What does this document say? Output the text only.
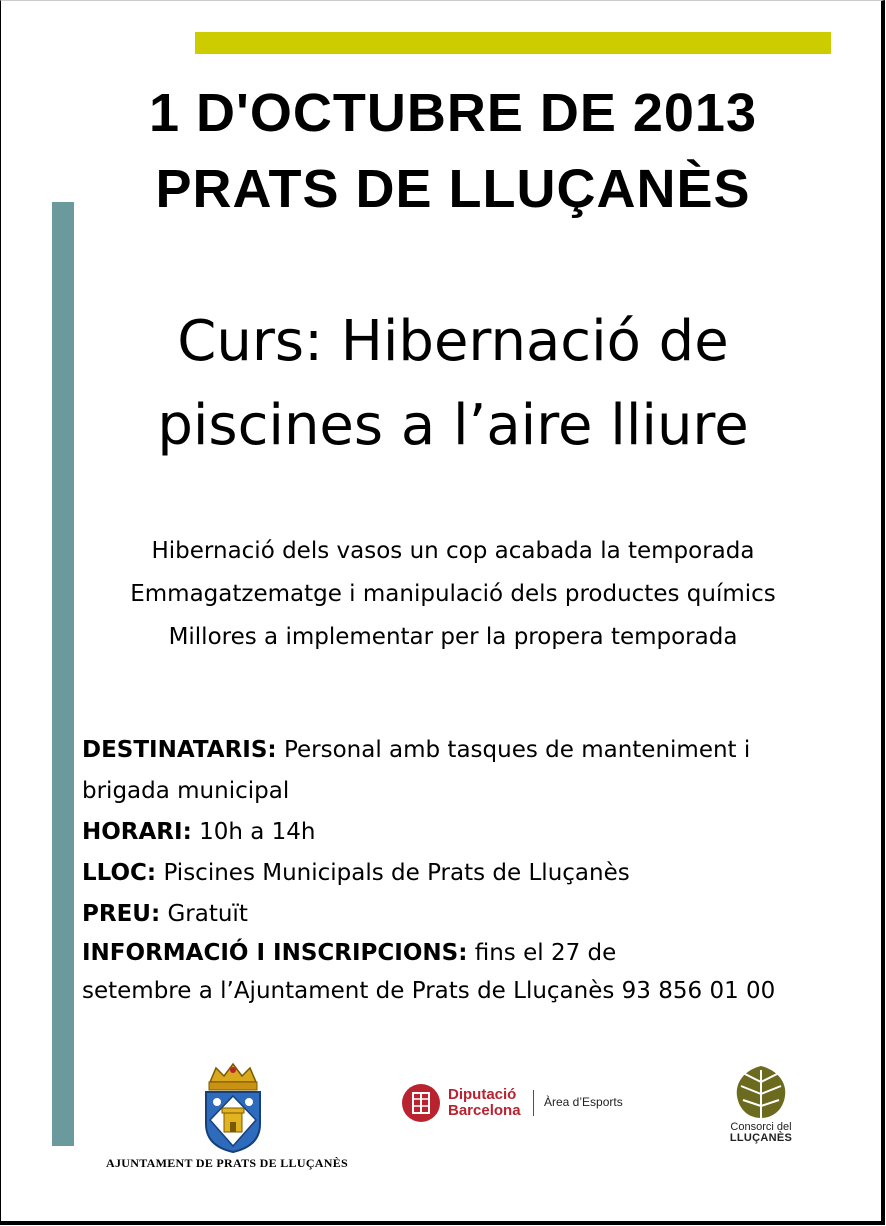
1 D'OCTUBRE DE 2013
PRATS DE LLUÇANÈS
Curs: Hibernació de
piscines a l’aire lliure
Hibernació dels vasos un cop acabada la temporada
Emmagatzematge i manipulació dels productes químics
Millores a implementar per la propera temporada
DESTINATARIS: Personal amb tasques de manteniment i
brigada municipal
HORARI: 10h a 14h
LLOC: Piscines Municipals de Prats de Lluçanès
PREU: Gratuït
INFORMACIÓ I INSCRIPCIONS: fins el 27 de
setembre a l’Ajuntament de Prats de Lluçanès 93 856 01 00
AJUNTAMENT DE PRATS DE LLUÇANÈS
Diputació
Barcelona Àrea d’Esports
Consorci del
LLUÇANÈS
